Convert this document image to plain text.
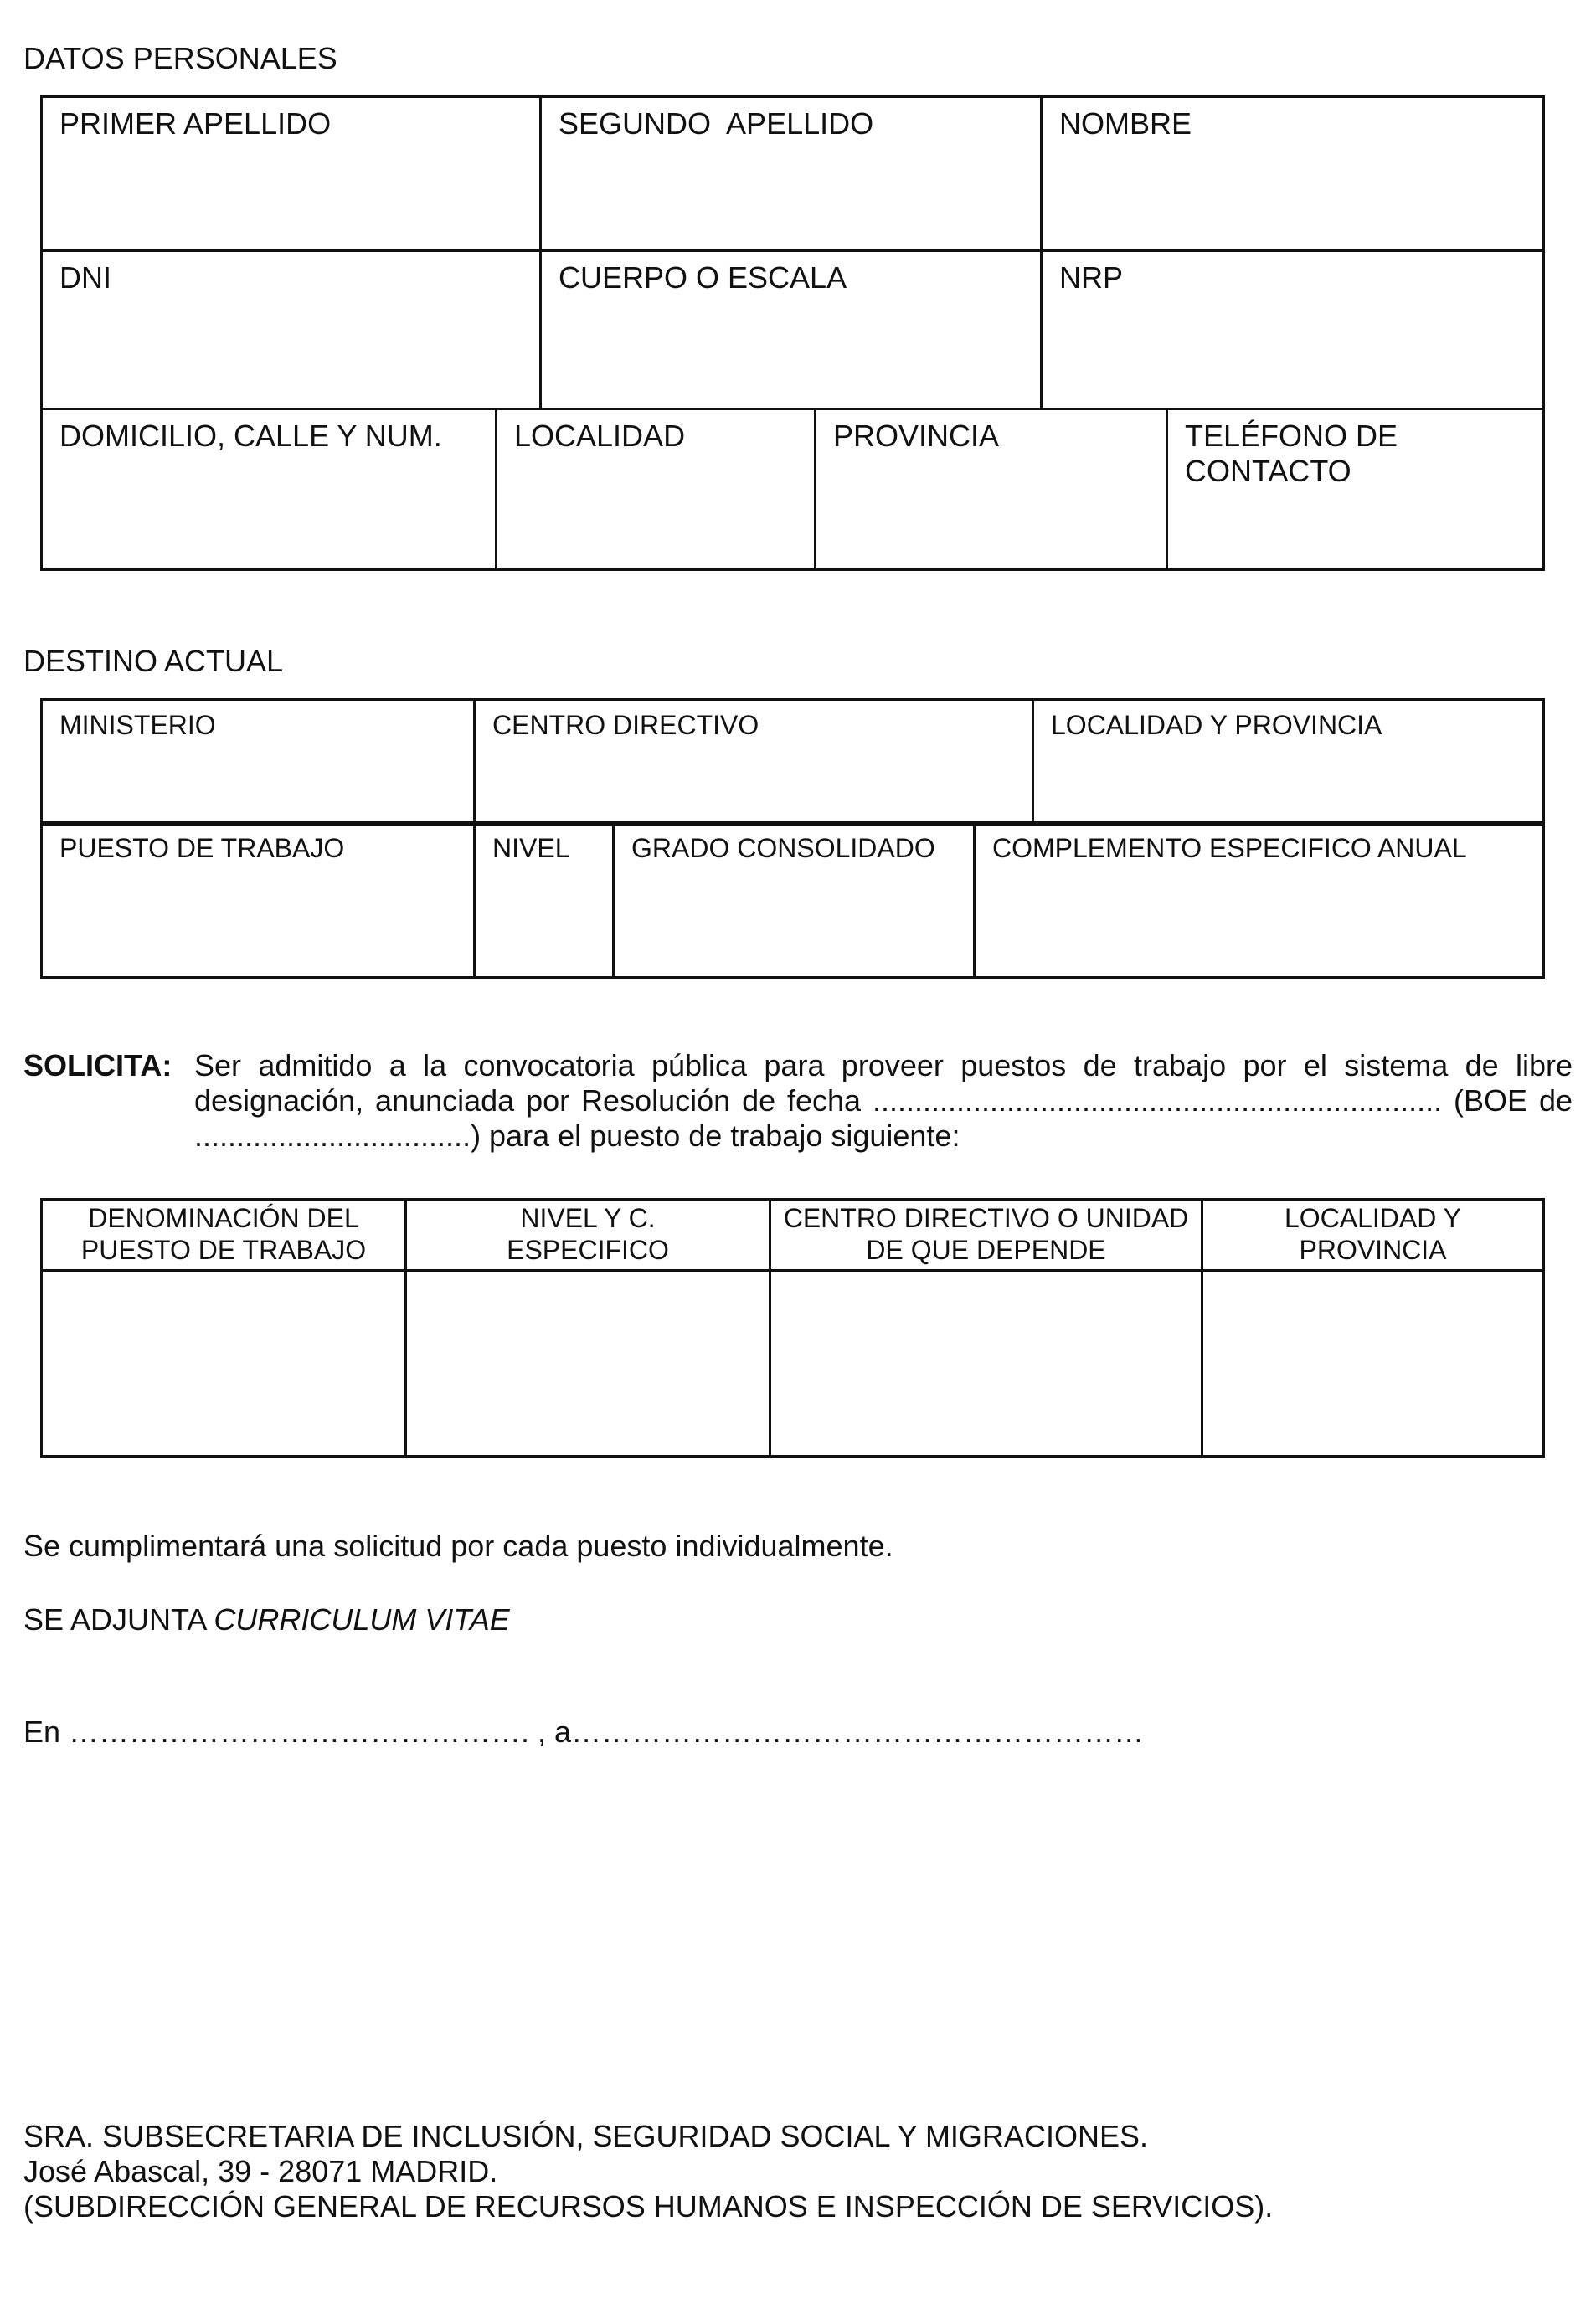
DATOS PERSONALES
PRIMER APELLIDO	SEGUNDO  APELLIDO	NOMBRE

DNI	CUERPO O ESCALA	NRP
DOMICILIO, CALLE Y NUM.	LOCALIDAD	PROVINCIA	TELÉFONO DE CONTACTO
DESTINO ACTUAL
MINISTERIO	CENTRO DIRECTIVO	LOCALIDAD Y PROVINCIA
PUESTO DE TRABAJO	NIVEL	GRADO CONSOLIDADO	COMPLEMENTO ESPECIFICO ANUAL
SOLICITA: Ser admitido a la convocatoria pública para proveer puestos de trabajo por el sistema de libre designación, anunciada por Resolución de fecha .................................................................... (BOE de .................................) para el puesto de trabajo siguiente:
DENOMINACIÓN DEL PUESTO DE TRABAJO	NIVEL Y C. ESPECIFICO	CENTRO DIRECTIVO O UNIDAD DE QUE DEPENDE	LOCALIDAD Y PROVINCIA

Se cumplimentará una solicitud por cada puesto individualmente.
SE ADJUNTA CURRICULUM VITAE
En ………………………………………. , a…………………………………………………
SRA. SUBSECRETARIA DE INCLUSIÓN, SEGURIDAD SOCIAL Y MIGRACIONES.
José Abascal, 39 - 28071 MADRID.
(SUBDIRECCIÓN GENERAL DE RECURSOS HUMANOS E INSPECCIÓN DE SERVICIOS).
